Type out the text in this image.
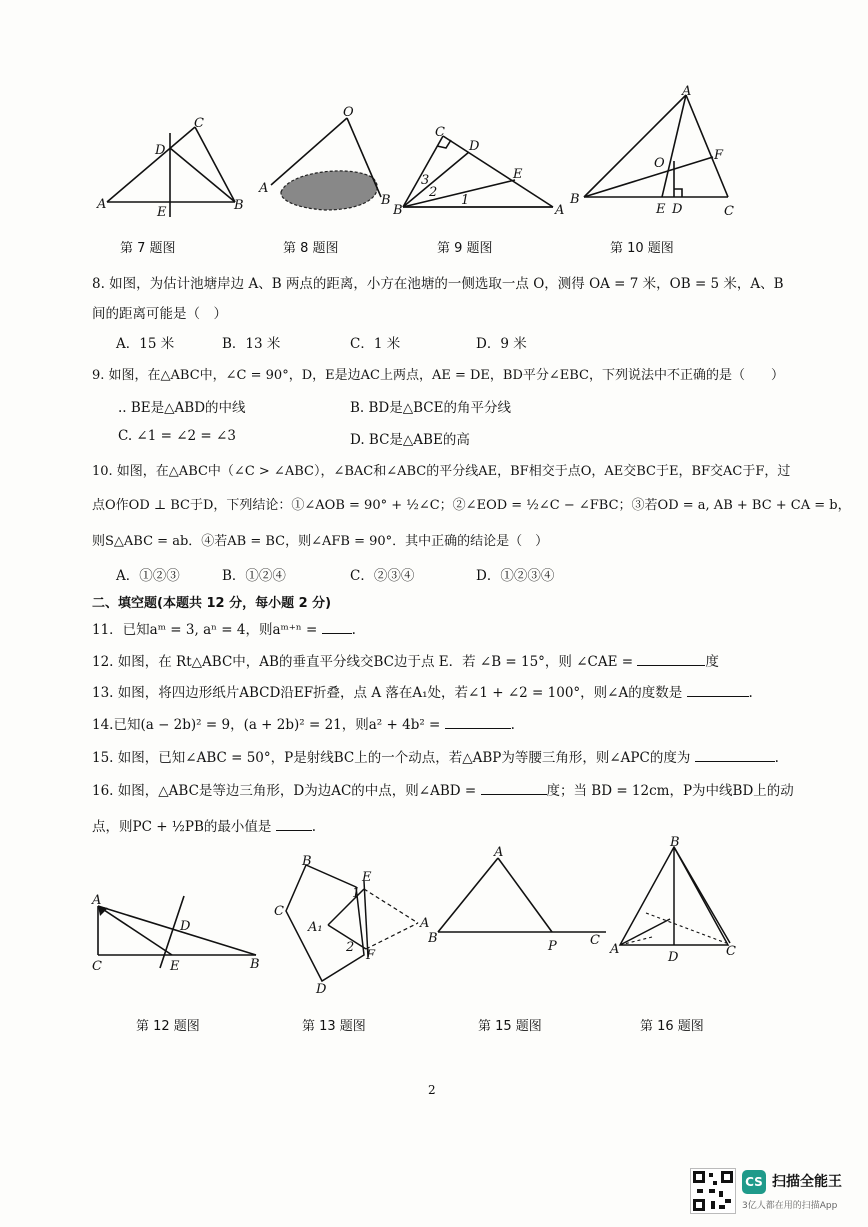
A	B
C
D
E
O
A
B
C
D
E
B	A
3
2
1
A
O
F
B
E D	C
第 7 题图	第 8 题图	第 9 题图	第 10 题图
8. 如图，为估计池塘岸边 A、B 两点的距离，小方在池塘的一侧选取一点 O，测得 OA = 7 米，OB = 5 米，A、B
间的距离可能是（　）
A．15 米	B．13 米	C．1 米	D．9 米
9. 如图，在△ABC中，∠C = 90°，D，E是边AC上两点，AE = DE，BD平分∠EBC，下列说法中不正确的是（　　）
.. BE是△ABD的中线	B. BD是△BCE的角平分线
C. ∠1 = ∠2 = ∠3	D. BC是△ABE的高
10. 如图，在△ABC中（∠C > ∠ABC），∠BAC和∠ABC的平分线AE，BF相交于点O，AE交BC于E，BF交AC于F，过
点O作OD ⊥ BC于D，下列结论：①∠AOB = 90° + ½∠C；②∠EOD = ½∠C − ∠FBC；③若OD = a, AB + BC + CA = b，
则S△ABC = ab．④若AB = BC，则∠AFB = 90°．其中正确的结论是（　）
A．①②③	B．①②④	C．②③④	D．①②③④
二、填空题(本题共 12 分，每小题 2 分)
11．已知aᵐ = 3, aⁿ = 4，则aᵐ⁺ⁿ =	.
12. 如图，在 Rt△ABC中，AB的垂直平分线交BC边于点 E．若 ∠B = 15°，则 ∠CAE =	度
13. 如图，将四边形纸片ABCD沿EF折叠，点 A 落在A₁处，若∠1 + ∠2 = 100°，则∠A的度数是	.
14.已知(a − 2b)² = 9，(a + 2b)² = 21，则a² + 4b² =	.
15. 如图，已知∠ABC = 50°，P是射线BC上的一个动点，若△ABP为等腰三角形，则∠APC的度为	.
16. 如图，△ABC是等边三角形，D为边AC的中点，则∠ABD =	度；当 BD = 12cm，P为中线BD上的动
点，则PC + ½PB的最小值是	.
A
C
D
E	B
B
C
D
E
F
A
A₁
1
2
A
B
P	C
B
A
D	C
第 12 题图	第 13 题图	第 15 题图	第 16 题图
2
CS 扫描全能王
3亿人都在用的扫描App
